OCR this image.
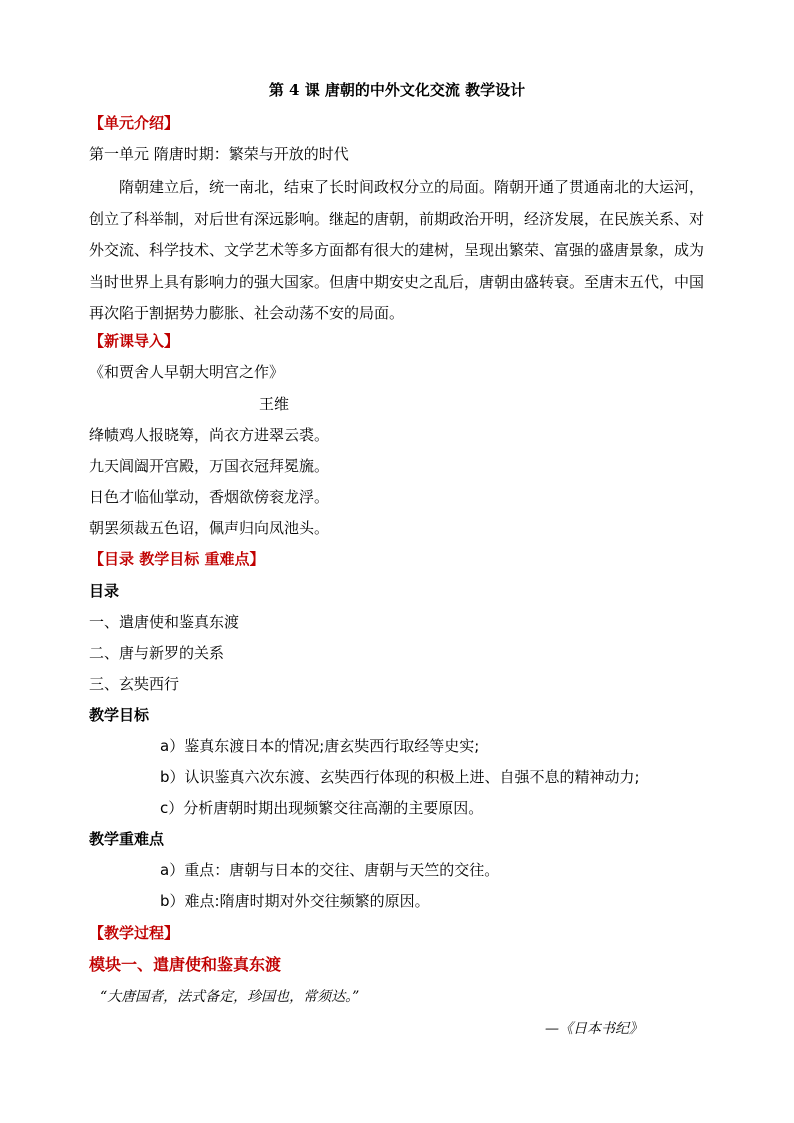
第 4 课 唐朝的中外文化交流 教学设计
【单元介绍】
第一单元 隋唐时期：繁荣与开放的时代
隋朝建立后，统一南北，结束了长时间政权分立的局面。隋朝开通了贯通南北的大运河，创立了科举制，对后世有深远影响。继起的唐朝，前期政治开明，经济发展，在民族关系、对外交流、科学技术、文学艺术等多方面都有很大的建树，呈现出繁荣、富强的盛唐景象，成为当时世界上具有影响力的强大国家。但唐中期安史之乱后，唐朝由盛转衰。至唐末五代，中国再次陷于割据势力膨胀、社会动荡不安的局面。
【新课导入】
《和贾舍人早朝大明宫之作》
王维
绛帻鸡人报晓筹，尚衣方进翠云裘。
九天阊阖开宫殿，万国衣冠拜冕旒。
日色才临仙掌动，香烟欲傍衮龙浮。
朝罢须裁五色诏，佩声归向凤池头。
【目录 教学目标 重难点】
目录
一、遣唐使和鉴真东渡
二、唐与新罗的关系
三、玄奘西行
教学目标
a）鉴真东渡日本的情况;唐玄奘西行取经等史实;
b）认识鉴真六次东渡、玄奘西行体现的积极上进、自强不息的精神动力;
c）分析唐朝时期出现频繁交往高潮的主要原因。
教学重难点
a）重点：唐朝与日本的交往、唐朝与天竺的交往。
b）难点:隋唐时期对外交往频繁的原因。
【教学过程】
模块一、遣唐使和鉴真东渡
“大唐国者，法式备定，珍国也，常须达。”
—《日本书纪》
